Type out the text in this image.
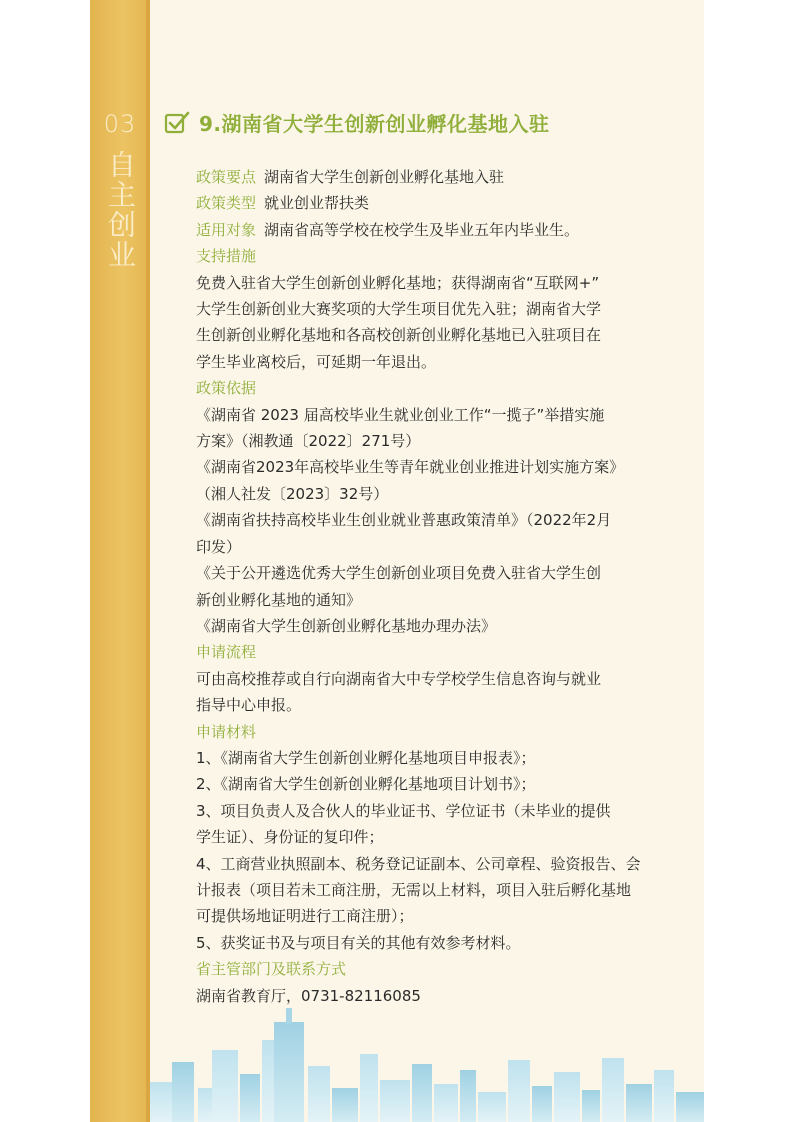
03
自主创业
9.湖南省大学生创新创业孵化基地入驻

政策要点 湖南省大学生创新创业孵化基地入驻

政策类型 就业创业帮扶类

适用对象 湖南省高等学校在校学生及毕业五年内毕业生。

支持措施

免费入驻省大学生创新创业孵化基地；获得湖南省“互联网+”

大学生创新创业大赛奖项的大学生项目优先入驻；湖南省大学

生创新创业孵化基地和各高校创新创业孵化基地已入驻项目在

学生毕业离校后，可延期一年退出。

政策依据

《湖南省 2023 届高校毕业生就业创业工作“一揽子”举措实施

方案》（湘教通〔2022〕271号）

《湖南省2023年高校毕业生等青年就业创业推进计划实施方案》

（湘人社发〔2023〕32号）

《湖南省扶持高校毕业生创业就业普惠政策清单》（2022年2月

印发）

《关于公开遴选优秀大学生创新创业项目免费入驻省大学生创

新创业孵化基地的通知》

《湖南省大学生创新创业孵化基地办理办法》

申请流程

可由高校推荐或自行向湖南省大中专学校学生信息咨询与就业

指导中心申报。

申请材料

1、《湖南省大学生创新创业孵化基地项目申报表》；

2、《湖南省大学生创新创业孵化基地项目计划书》；

3、项目负责人及合伙人的毕业证书、学位证书（未毕业的提供

学生证）、身份证的复印件；

4、工商营业执照副本、税务登记证副本、公司章程、验资报告、会

计报表（项目若未工商注册，无需以上材料，项目入驻后孵化基地

可提供场地证明进行工商注册）；

5、获奖证书及与项目有关的其他有效参考材料。

省主管部门及联系方式

湖南省教育厅，0731-82116085
